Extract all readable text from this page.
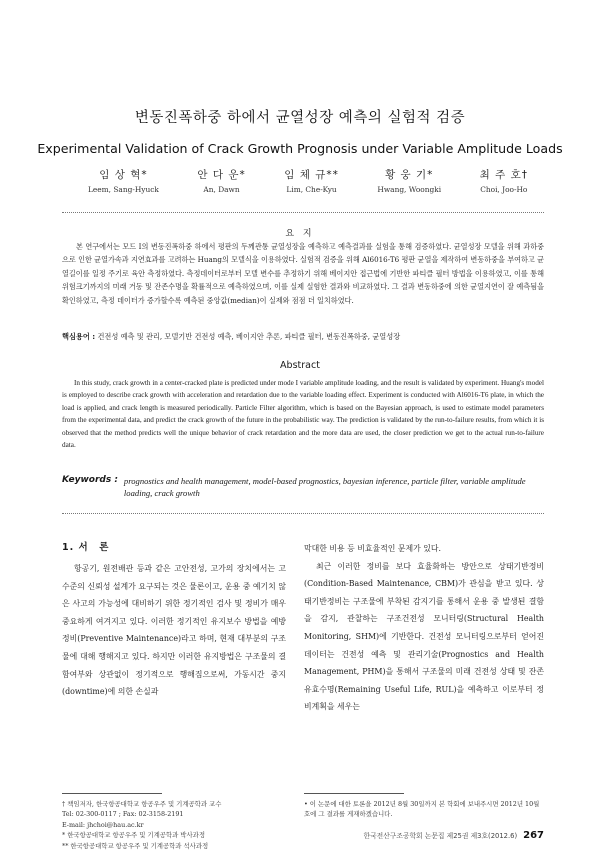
변동진폭하중 하에서 균열성장 예측의 실험적 검증
Experimental Validation of Crack Growth Prognosis under Variable Amplitude Loads
임 상 혁*
Leem, Sang-Hyuck
안 다 운*
An, Dawn
임 체 규**
Lim, Che-Kyu
황 웅 기*
Hwang, Woongki
최 주 호†
Choi, Joo-Ho
요 지
본 연구에서는 모드 I의 변동진폭하중 하에서 평판의 두께관통 균열성장을 예측하고 예측결과를 실험을 통해 검증하였다. 균열성장 모델을 위해 과하중으로 인한 균열가속과 지연효과를 고려하는 Huang의 모델식을 이용하였다. 실험적 검증을 위해 Al6016-T6 평판 균열을 제작하여 변동하중을 부여하고 균열길이를 일정 주기로 육안 측정하였다. 측정데이터로부터 모델 변수를 추정하기 위해 베이지안 접근법에 기반한 파티클 필터 방법을 이용하였고, 이를 통해 위험크기까지의 미래 거동 및 잔존수명을 확률적으로 예측하였으며, 이를 실제 실험한 결과와 비교하였다. 그 결과 변동하중에 의한 균열지연이 잘 예측됨을 확인하였고, 측정 데이터가 증가할수록 예측된 중앙값(median)이 실제와 점점 더 일치하였다.
핵심용어 : 건전성 예측 및 관리, 모델기반 건전성 예측, 베이지안 추론, 파티클 필터, 변동진폭하중, 균열성장
Abstract
In this study, crack growth in a center-cracked plate is predicted under mode I variable amplitude loading, and the result is validated by experiment. Huang's model is employed to describe crack growth with acceleration and retardation due to the variable loading effect. Experiment is conducted with Al6016-T6 plate, in which the load is applied, and crack length is measured periodically. Particle Filter algorithm, which is based on the Bayesian approach, is used to estimate model parameters from the experimental data, and predict the crack growth of the future in the probabilistic way. The prediction is validated by the run-to-failure results, from which it is observed that the method predicts well the unique behavior of crack retardation and the more data are used, the closer prediction we get to the actual run-to-failure data.
Keywords : prognostics and health management, model-based prognostics, bayesian inference, particle filter, variable amplitude loading, crack growth
1. 서　론
항공기, 원전배관 등과 같은 고안전성, 고가의 장치에서는 고수준의 신뢰성 설계가 요구되는 것은 물론이고, 운용 중 예기치 않은 사고의 가능성에 대비하기 위한 정기적인 검사 및 정비가 매우 중요하게 여겨지고 있다. 이러한 정기적인 유지보수 방법을 예방 정비(Preventive Maintenance)라고 하며, 현재 대부분의 구조물에 대해 행해지고 있다. 하지만 이러한 유지방법은 구조물의 결함여부와 상관없이 정기적으로 행해짐으로써, 가동시간 중지(downtime)에 의한 손실과

막대한 비용 등 비효율적인 문제가 있다.

최근 이러한 정비를 보다 효율화하는 방안으로 상태기반정비(Condition-Based Maintenance, CBM)가 관심을 받고 있다. 상태기반정비는 구조물에 부착된 감지기를 통해서 운용 중 발생된 결함을 감지, 관찰하는 구조건전성 모니터링(Structural Health Monitoring, SHM)에 기반한다. 건전성 모니터링으로부터 얻어진 데이터는 건전성 예측 및 관리기술(Prognostics and Health Management, PHM)을 통해서 구조물의 미래 건전성 상태 및 잔존유효수명(Remaining Useful Life, RUL)을 예측하고 이로부터 정비계획을 세우는

† 책임저자, 한국항공대학교 항공우주 및 기계공학과 교수
Tel: 02-300-0117 ; Fax: 02-3158-2191
E-mail: jhchoi@hau.ac.kr
* 한국항공대학교 항공우주 및 기계공학과 박사과정
** 한국항공대학교 항공우주 및 기계공학과 석사과정
• 이 논문에 대한 토론을 2012년 8월 30일까지 본 학회에 보내주시면 2012년 10월호에 그 결과를 게재하겠습니다.
한국전산구조공학회 논문집 제25권 제3호(2012.6) 267
